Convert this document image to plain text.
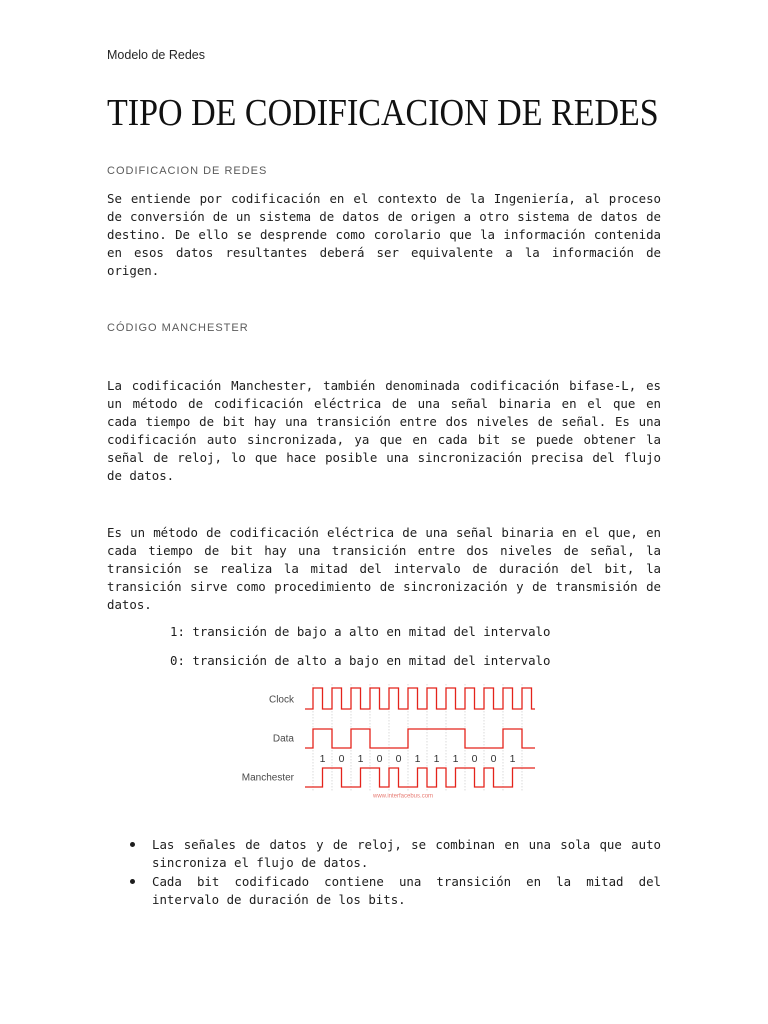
Modelo de Redes
TIPO DE CODIFICACION DE REDES
CODIFICACION DE REDES
Se entiende por codificación en el contexto de la Ingeniería, al proceso
de conversión de un sistema de datos de origen a otro sistema de datos de
destino. De ello se desprende como corolario que la información contenida
en esos datos resultantes deberá ser equivalente a la información de
origen.
CÓDIGO MANCHESTER
La codificación Manchester, también denominada codificación bifase-L, es
un método de codificación eléctrica de una señal binaria en el que en
cada tiempo de bit hay una transición entre dos niveles de señal. Es una
codificación auto sincronizada, ya que en cada bit se puede obtener la
señal de reloj, lo que hace posible una sincronización precisa del flujo
de datos.
Es un método de codificación eléctrica de una señal binaria en el que, en
cada tiempo de bit hay una transición entre dos niveles de señal, la
transición se realiza la mitad del intervalo de duración del bit, la
transición sirve como procedimiento de sincronización y de transmisión de
datos.
1: transición de bajo a alto en mitad del intervalo
0: transición de alto a bajo en mitad del intervalo
Clock
Data
Manchester
1 0 1 0 0 1 1 1 0 0 1
www.interfacebus.com
Las señales de datos y de reloj, se combinan en una sola que auto
sincroniza el flujo de datos.
Cada bit codificado contiene una transición en la mitad del
intervalo de duración de los bits.
